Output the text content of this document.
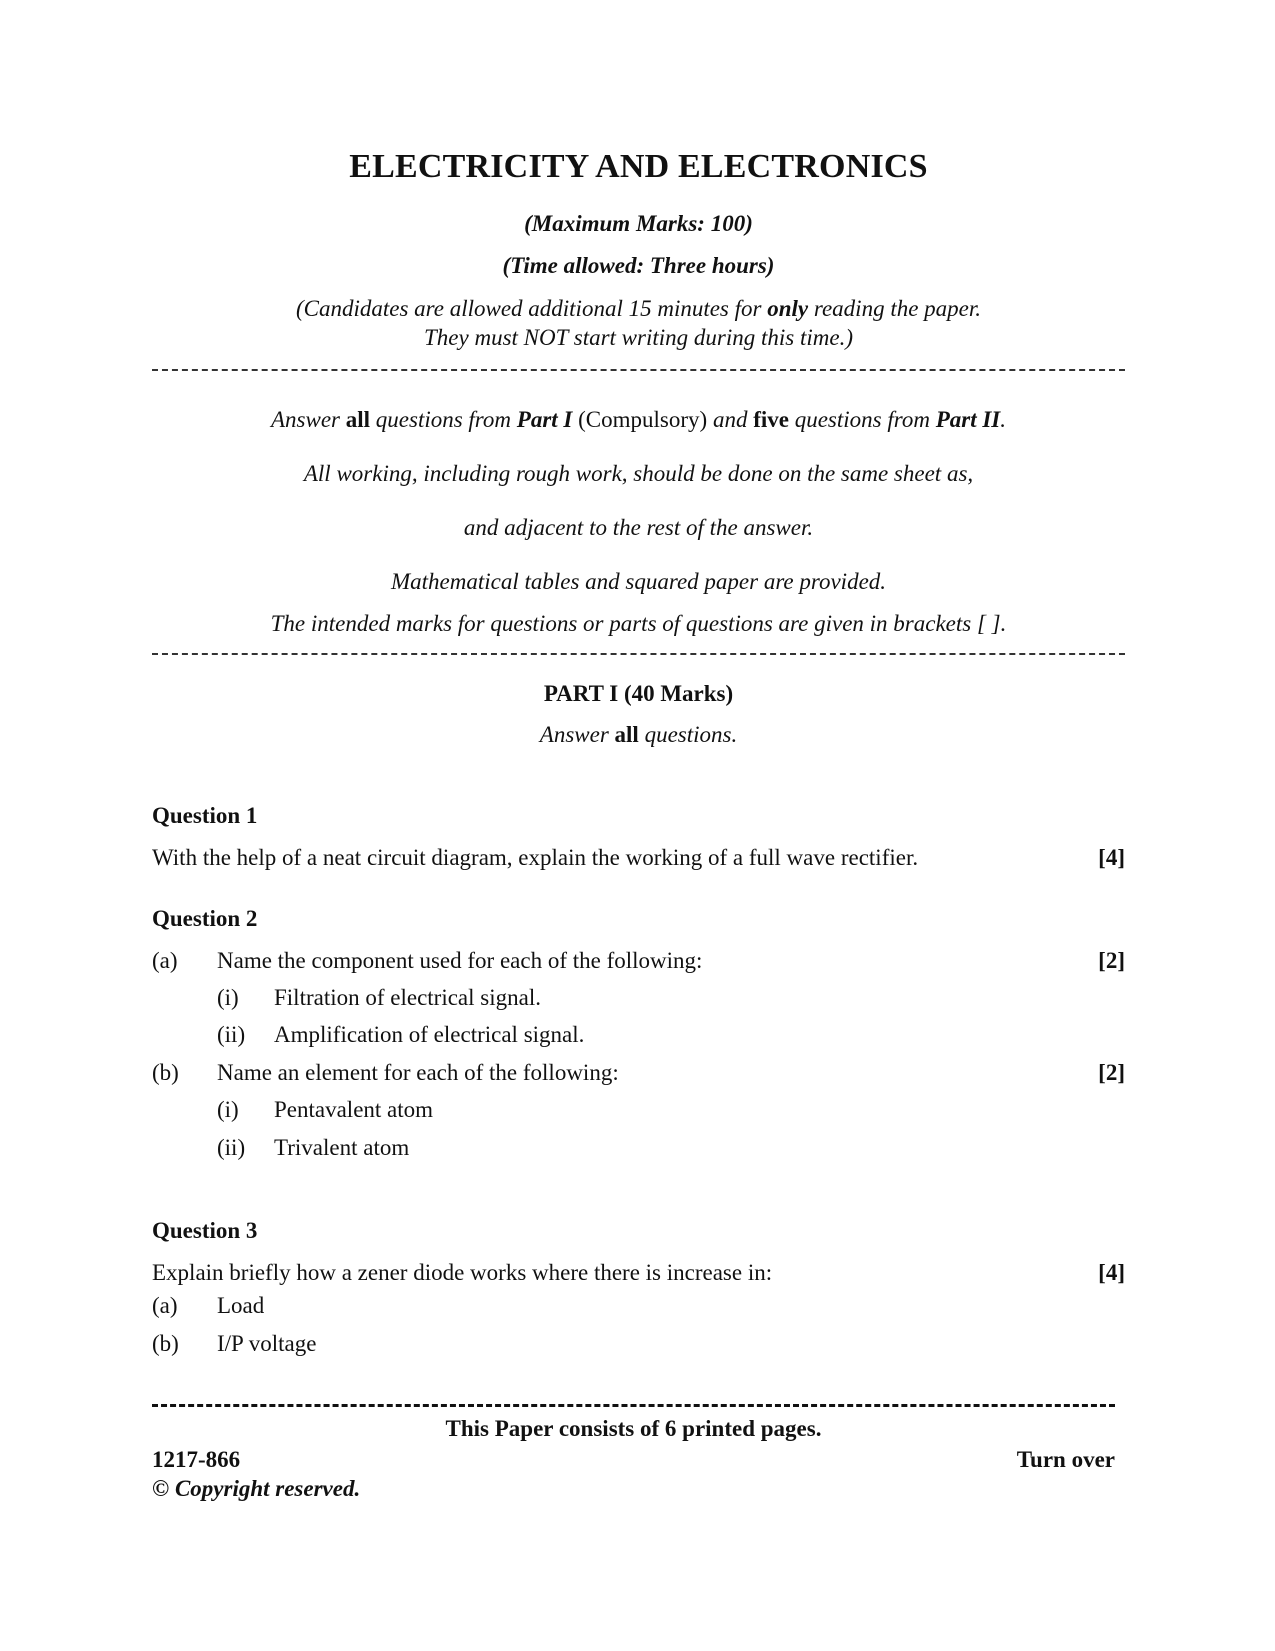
ELECTRICITY AND ELECTRONICS
(Maximum Marks: 100)
(Time allowed: Three hours)
(Candidates are allowed additional 15 minutes for only reading the paper.
They must NOT start writing during this time.)
Answer all questions from Part I (Compulsory) and five questions from Part II.
All working, including rough work, should be done on the same sheet as,
and adjacent to the rest of the answer.
Mathematical tables and squared paper are provided.
The intended marks for questions or parts of questions are given in brackets [ ].
PART I (40 Marks)
Answer all questions.
Question 1
With the help of a neat circuit diagram, explain the working of a full wave rectifier.	[4]
Question 2
(a) Name the component used for each of the following:	[2]
(i) Filtration of electrical signal.
(ii) Amplification of electrical signal.
(b) Name an element for each of the following:	[2]
(i) Pentavalent atom
(ii) Trivalent atom
Question 3
Explain briefly how a zener diode works where there is increase in:	[4]
(a) Load
(b) I/P voltage
This Paper consists of 6 printed pages.
1217-866	Turn over
© Copyright reserved.
